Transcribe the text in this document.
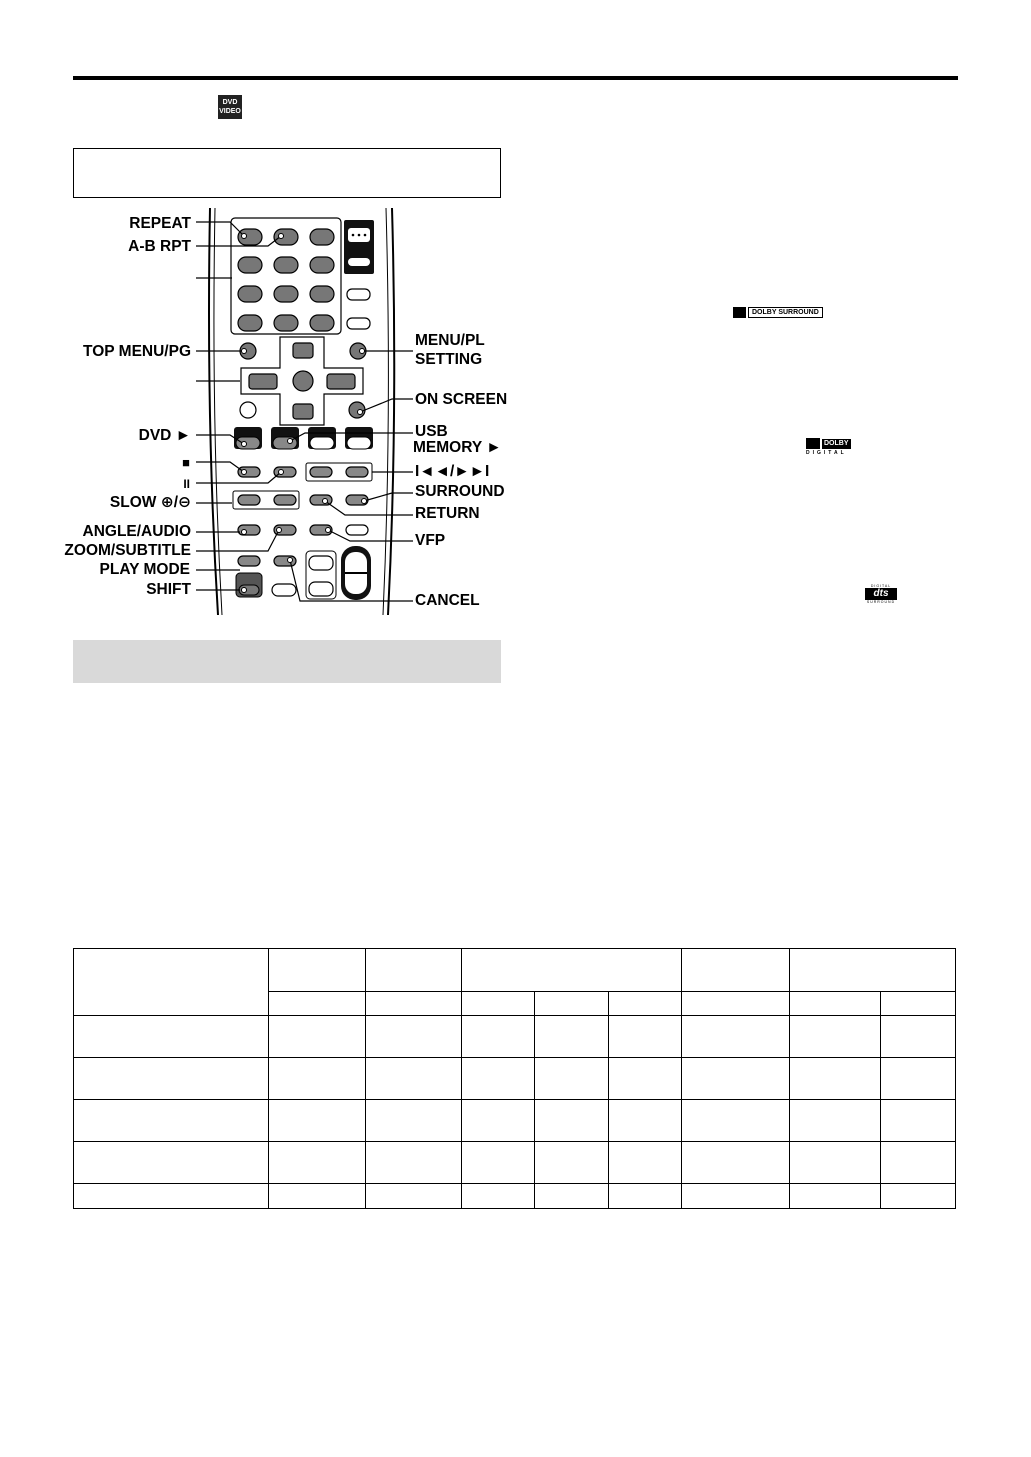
DVD
VIDEO
REPEAT
A-B RPT
TOP MENU/PG
DVD ►
■
II
SLOW ⊕/⊖
ANGLE/AUDIO
ZOOM/SUBTITLE
PLAY MODE
SHIFT
MENU/PL
SETTING
ON SCREEN
USB
MEMORY ►
I◄◄/►►I
SURROUND
RETURN
VFP
CANCEL
DOLBY SURROUND
DOLBY
DIGITAL
DIGITAL
dts
SURROUND
